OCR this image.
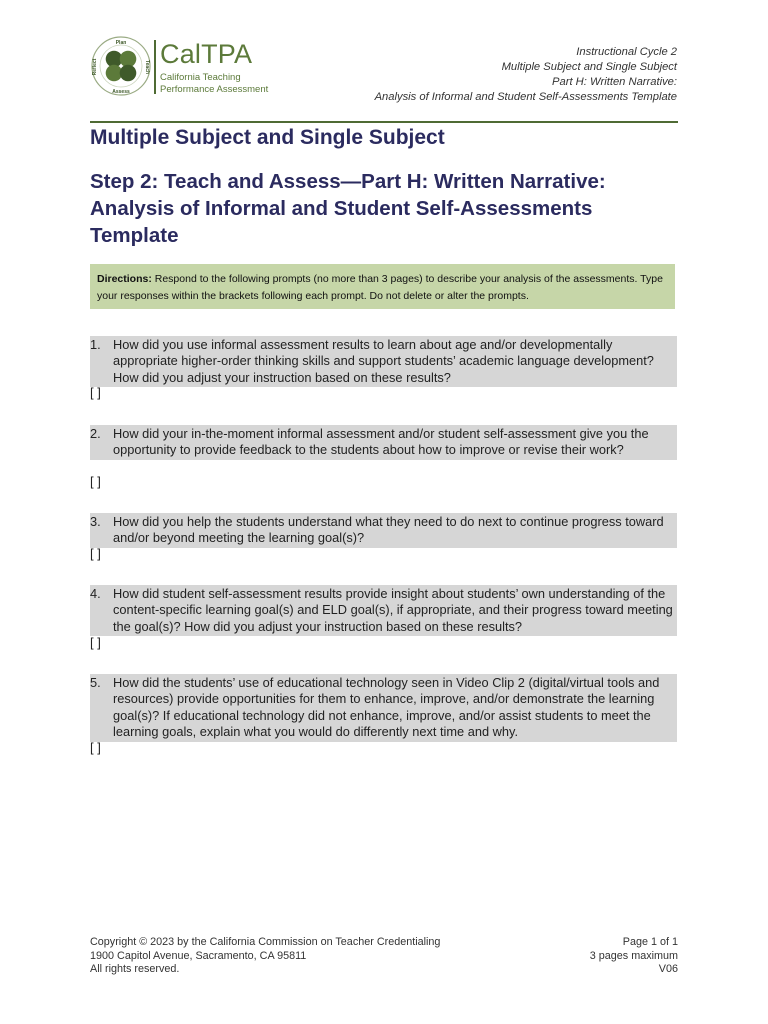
Plan
Teach
Assess
Reflect CalTPA
California Teaching
Performance Assessment
Instructional Cycle 2
Multiple Subject and Single Subject
Part H: Written Narrative:
Analysis of Informal and Student Self-Assessments Template
Multiple Subject and Single Subject
Step 2: Teach and Assess—Part H: Written Narrative: Analysis of Informal and Student Self-Assessments Template
Directions: Respond to the following prompts (no more than 3 pages) to describe your analysis of the assessments. Type your responses within the brackets following each prompt. Do not delete or alter the prompts.
1. How did you use informal assessment results to learn about age and/or developmentally appropriate higher-order thinking skills and support students’ academic language development? How did you adjust your instruction based on these results?
[ ]
2. How did your in-the-moment informal assessment and/or student self-assessment give you the opportunity to provide feedback to the students about how to improve or revise their work?
[ ]
3. How did you help the students understand what they need to do next to continue progress toward and/or beyond meeting the learning goal(s)?
[ ]
4. How did student self-assessment results provide insight about students’ own understanding of the content-specific learning goal(s) and ELD goal(s), if appropriate, and their progress toward meeting the goal(s)? How did you adjust your instruction based on these results?
[ ]
5. How did the students’ use of educational technology seen in Video Clip 2 (digital/virtual tools and resources) provide opportunities for them to enhance, improve, and/or demonstrate the learning goal(s)? If educational technology did not enhance, improve, and/or assist students to meet the learning goals, explain what you would do differently next time and why.
[ ]
Copyright © 2023 by the California Commission on Teacher Credentialing
1900 Capitol Avenue, Sacramento, CA 95811
All rights reserved.
Page 1 of 1
3 pages maximum
V06
